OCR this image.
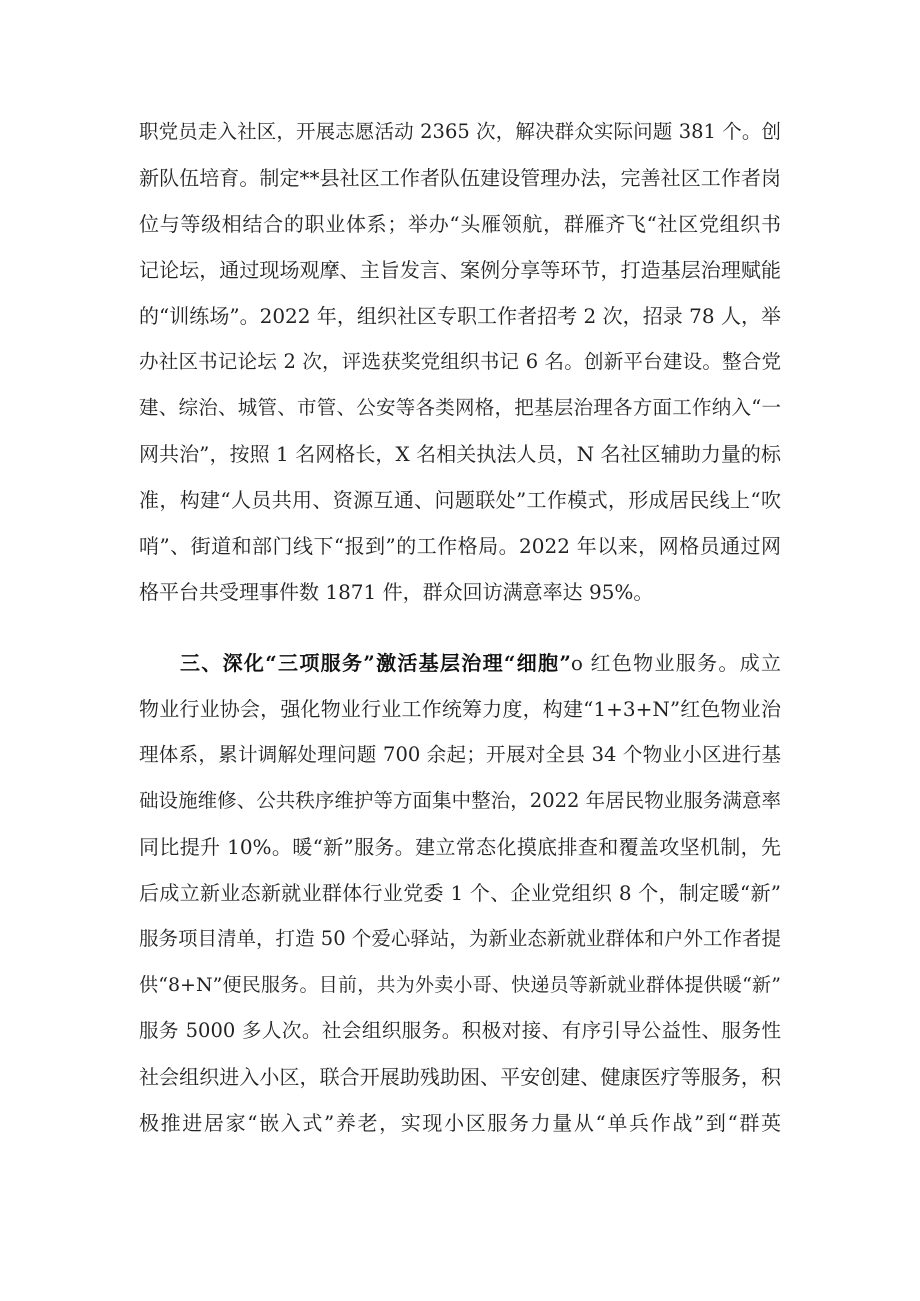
职党员走入社区，开展志愿活动 2365 次，解决群众实际问题 381 个。创
新队伍培育。制定**县社区工作者队伍建设管理办法，完善社区工作者岗
位与等级相结合的职业体系；举办“头雁领航，群雁齐飞“社区党组织书
记论坛，通过现场观摩、主旨发言、案例分享等环节，打造基层治理赋能
的“训练场”。2022 年，组织社区专职工作者招考 2 次，招录 78 人，举
办社区书记论坛 2 次，评选获奖党组织书记 6 名。创新平台建设。整合党
建、综治、城管、市管、公安等各类网格，把基层治理各方面工作纳入“一
网共治”，按照 1 名网格长，X 名相关执法人员，N 名社区辅助力量的标
准，构建“人员共用、资源互通、问题联处”工作模式，形成居民线上“吹
哨”、街道和部门线下“报到”的工作格局。2022 年以来，网格员通过网
格平台共受理事件数 1871 件，群众回访满意率达 95%。
三、深化“三项服务”激活基层治理“细胞”o 红色物业服务。成立
物业行业协会，强化物业行业工作统筹力度，构建“1+3+N”红色物业治
理体系，累计调解处理问题 700 余起；开展对全县 34 个物业小区进行基
础设施维修、公共秩序维护等方面集中整治，2022 年居民物业服务满意率
同比提升 10%。暖“新”服务。建立常态化摸底排查和覆盖攻坚机制，先
后成立新业态新就业群体行业党委 1 个、企业党组织 8 个，制定暖“新”
服务项目清单，打造 50 个爱心驿站，为新业态新就业群体和户外工作者提
供“8+N”便民服务。目前，共为外卖小哥、快递员等新就业群体提供暖“新”
服务 5000 多人次。社会组织服务。积极对接、有序引导公益性、服务性
社会组织进入小区，联合开展助残助困、平安创建、健康医疗等服务，积
极推进居家“嵌入式”养老，实现小区服务力量从“单兵作战”到“群英
